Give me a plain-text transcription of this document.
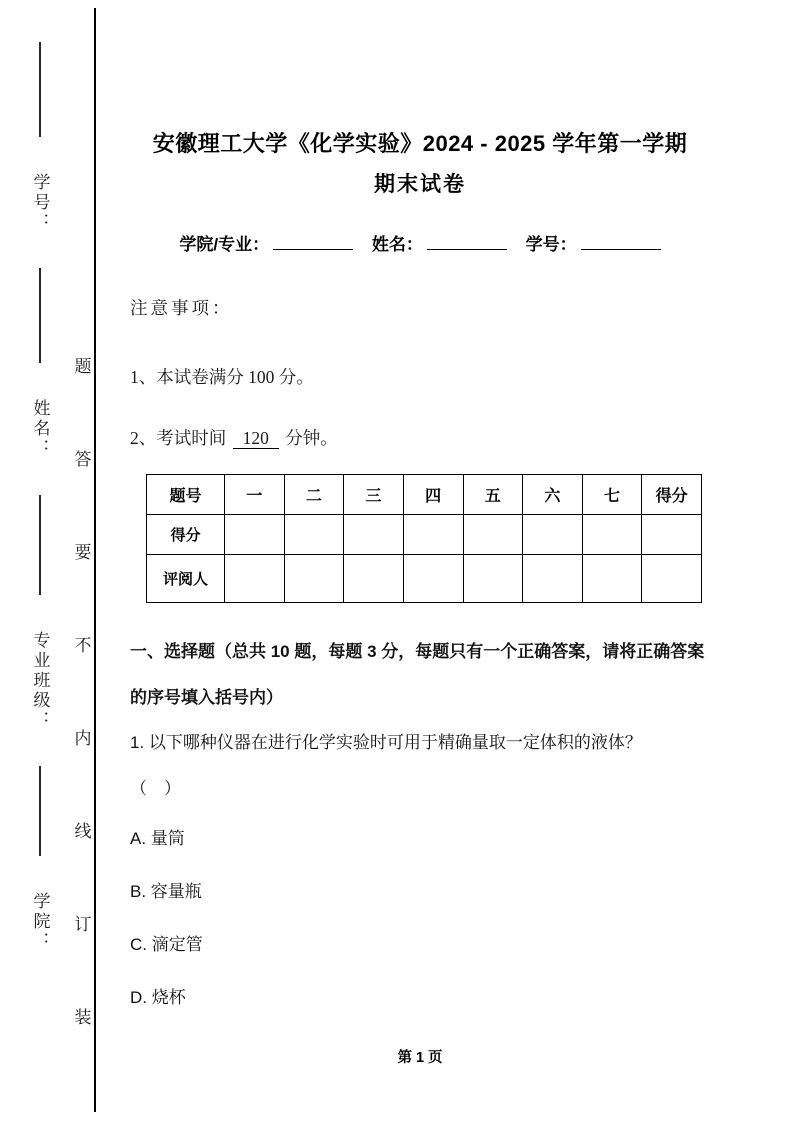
学号：
姓名：
专业班级：
学院：
题
答
要
不
内
线
订
装
安徽理工大学《化学实验》2024 - 2025 学年第一学期
期末试卷
学院/专业：	姓名：	学号：
注意事项：
1、本试卷满分 100 分。
2、考试时间 120 分钟。
题号	一	二	三	四	五	六	七	得分
得分								
评阅人								
一、选择题（总共 10 题，每题 3 分，每题只有一个正确答案，请将正确答案的序号填入括号内）
1. 以下哪种仪器在进行化学实验时可用于精确量取一定体积的液体？
（　）
A. 量筒
B. 容量瓶
C. 滴定管
D. 烧杯
第 1 页
